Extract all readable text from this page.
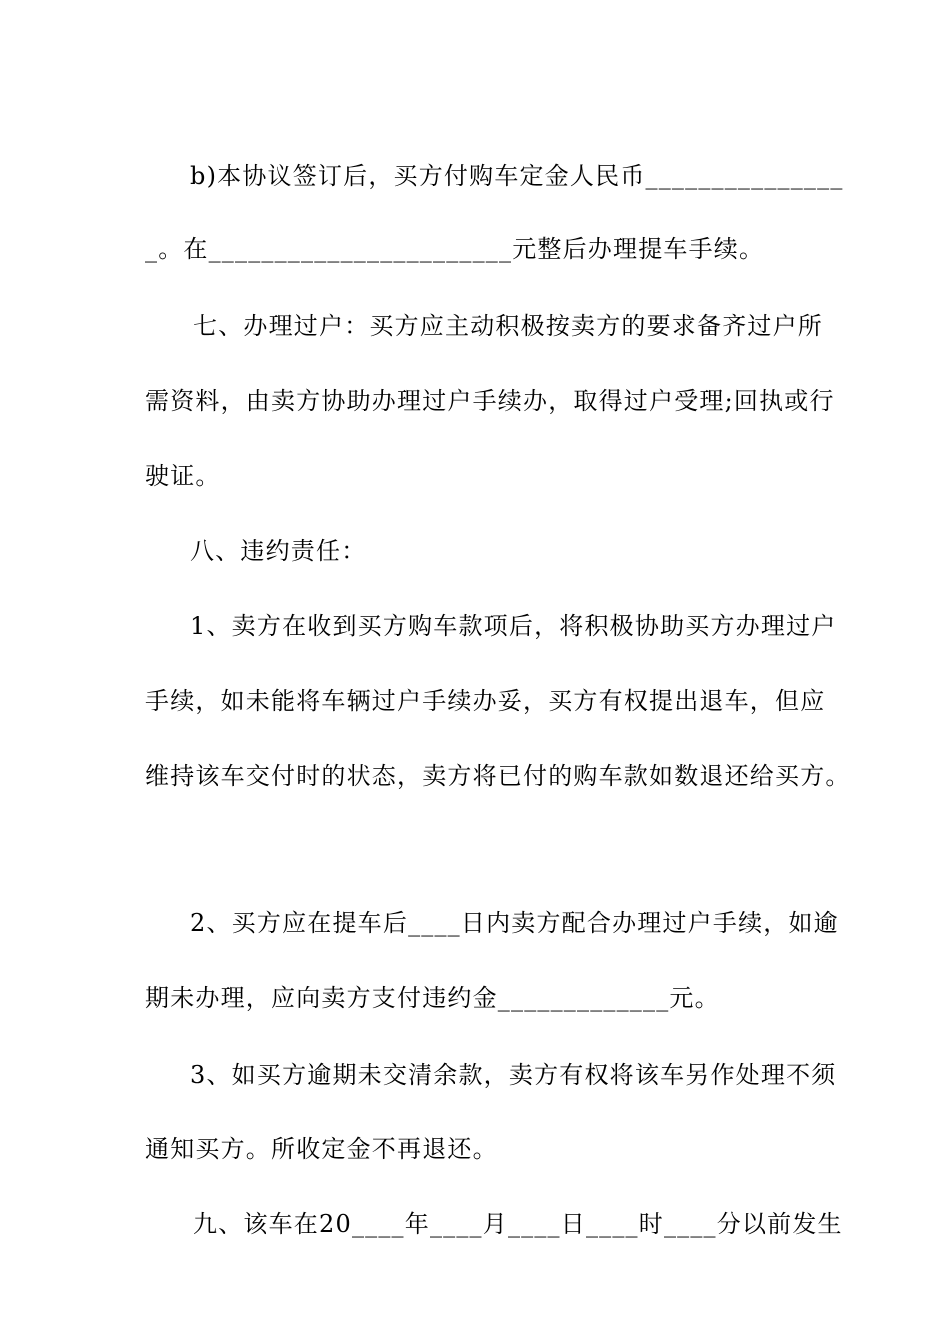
b)本协议签订后，买方付购车定金人民币_______________

_。在_______________________元整后办理提车手续。

七、办理过户：买方应主动积极按卖方的要求备齐过户所

需资料，由卖方协助办理过户手续办，取得过户受理;回执或行

驶证。

八、违约责任：

1、卖方在收到买方购车款项后，将积极协助买方办理过户

手续，如未能将车辆过户手续办妥，买方有权提出退车，但应

维持该车交付时的状态，卖方将已付的购车款如数退还给买方。

2、买方应在提车后____日内卖方配合办理过户手续，如逾

期未办理，应向卖方支付违约金_____________元。

3、如买方逾期未交清余款，卖方有权将该车另作处理不须

通知买方。所收定金不再退还。

九、该车在20____年____月____日____时____分以前发生
